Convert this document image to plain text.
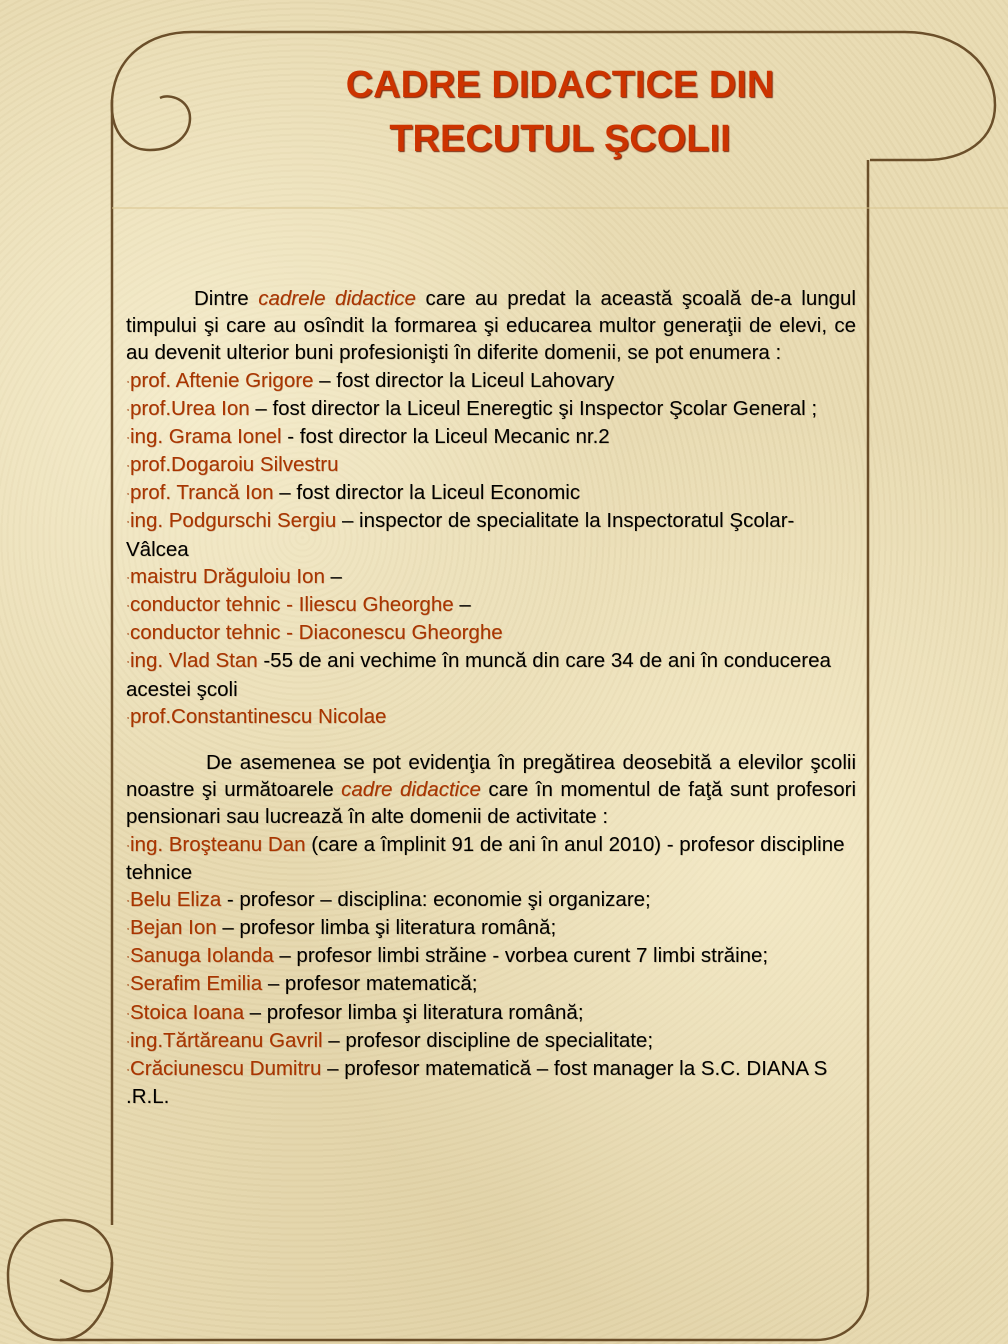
CADRE DIDACTICE DIN
TRECUTUL ŞCOLII

Dintre cadrele didactice care au predat la această şcoală de-a lungul timpului şi care au osîndit la formarea şi educarea multor generaţii de elevi, ce au devenit ulterior buni profesionişti în diferite domenii, se pot enumera :

·prof. Aftenie Grigore – fost director la Liceul Lahovary

·prof.Urea Ion – fost director la Liceul Eneregtic şi Inspector Şcolar General ;

·ing. Grama Ionel - fost director la Liceul Mecanic nr.2

·prof.Dogaroiu Silvestru

·prof. Trancă Ion – fost director la Liceul Economic

·ing. Podgurschi Sergiu – inspector de specialitate la Inspectoratul Şcolar-Vâlcea

·maistru Drăguloiu Ion –

·conductor tehnic - Iliescu Gheorghe –

·conductor tehnic - Diaconescu Gheorghe

·ing. Vlad Stan -55 de ani vechime în muncă din care 34 de ani în conducerea acestei şcoli

·prof.Constantinescu Nicolae

De asemenea se pot evidenţia în pregătirea deosebită a elevilor şcolii noastre şi următoarele cadre didactice care în momentul de faţă sunt profesori pensionari sau lucrează în alte domenii de activitate :

·ing. Broşteanu Dan (care a împlinit 91 de ani în anul 2010) - profesor discipline tehnice

·Belu Eliza - profesor – disciplina: economie şi organizare;

·Bejan Ion – profesor limba şi literatura română;

·Sanuga Iolanda – profesor limbi străine - vorbea curent 7 limbi străine;

·Serafim Emilia – profesor matematică;

·Stoica Ioana – profesor limba şi literatura română;

·ing.Tărtăreanu Gavril – profesor discipline de specialitate;

·Crăciunescu Dumitru – profesor matematică – fost manager la S.C. DIANA S .R.L.
